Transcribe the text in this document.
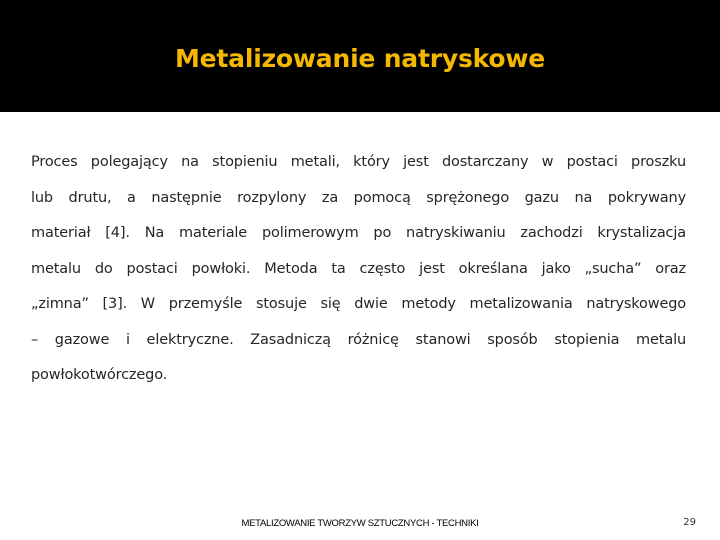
Metalizowanie natryskowe
Proces polegający na stopieniu metali, który jest dostarczany w postaci proszku
lub drutu, a następnie rozpylony za pomocą sprężonego gazu na pokrywany
materiał [4]. Na materiale polimerowym po natryskiwaniu zachodzi krystalizacja
metalu do postaci powłoki. Metoda ta często jest określana jako „sucha” oraz
„zimna” [3]. W przemyśle stosuje się dwie metody metalizowania natryskowego
– gazowe i elektryczne. Zasadniczą różnicę stanowi sposób stopienia metalu
powłokotwórczego.
METALIZOWANIE TWORZYW SZTUCZNYCH - TECHNIKI	29
